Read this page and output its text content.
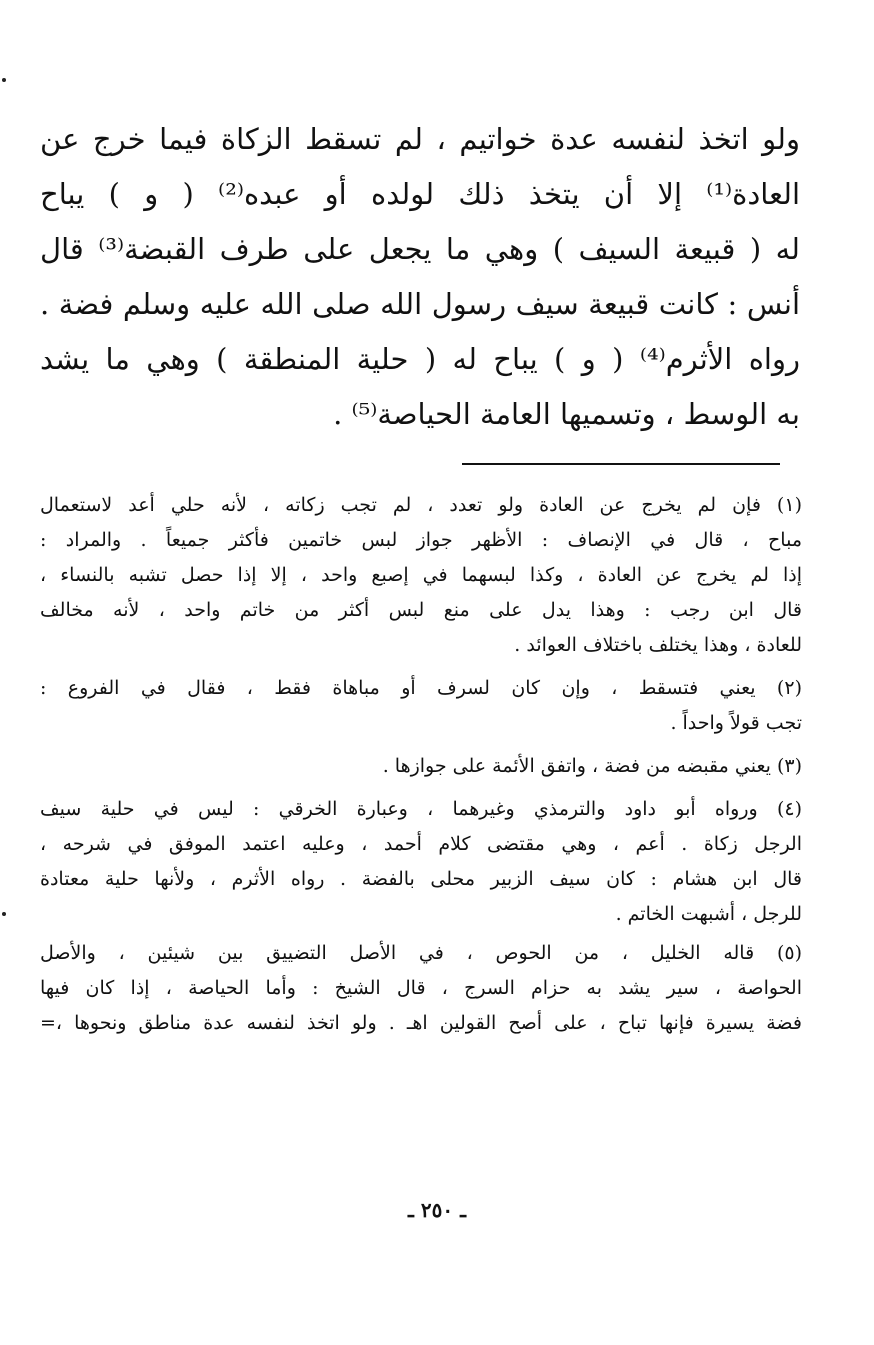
ولو اتخذ لنفسه عدة خواتيم ، لم تسقط الزكاة فيما خرج عن
العادة⁽¹⁾ إلا أن يتخذ ذلك لولده أو عبده⁽²⁾ ( و ) يباح
له ( قبيعة السيف ) وهي ما يجعل على طرف القبضة⁽³⁾ قال
أنس : كانت قبيعة سيف رسول الله صلى الله عليه وسلم فضة .
رواه الأثرم⁽⁴⁾ ( و ) يباح له ( حلية المنطقة ) وهي ما يشد
به الوسط ، وتسميها العامة الحياصة⁽⁵⁾ .
(١) فإن لم يخرج عن العادة ولو تعدد ، لم تجب زكاته ، لأنه حلي أعد لاستعمال
مباح ، قال في الإنصاف : الأظهر جواز لبس خاتمين فأكثر جميعاً . والمراد :
إذا لم يخرج عن العادة ، وكذا لبسهما في إصبع واحد ، إلا إذا حصل تشبه بالنساء ،
قال ابن رجب : وهذا يدل على منع لبس أكثر من خاتم واحد ، لأنه مخالف
للعادة ، وهذا يختلف باختلاف العوائد .
(٢) يعني فتسقط ، وإن كان لسرف أو مباهاة فقط ، فقال في الفروع :
تجب قولاً واحداً .
(٣) يعني مقبضه من فضة ، واتفق الأئمة على جوازها .
(٤) ورواه أبو داود والترمذي وغيرهما ، وعبارة الخرقي : ليس في حلية سيف
الرجل زكاة . أعم ، وهي مقتضى كلام أحمد ، وعليه اعتمد الموفق في شرحه ،
قال ابن هشام : كان سيف الزبير محلى بالفضة . رواه الأثرم ، ولأنها حلية معتادة
للرجل ، أشبهت الخاتم .
(٥) قاله الخليل ، من الحوص ، في الأصل التضييق بين شيئين ، والأصل
الحواصة ، سير يشد به حزام السرج ، قال الشيخ : وأما الحياصة ، إذا كان فيها
فضة يسيرة فإنها تباح ، على أصح القولين اهـ . ولو اتخذ لنفسه عدة مناطق ونحوها ،=
ـ ٢٥٠ ـ
